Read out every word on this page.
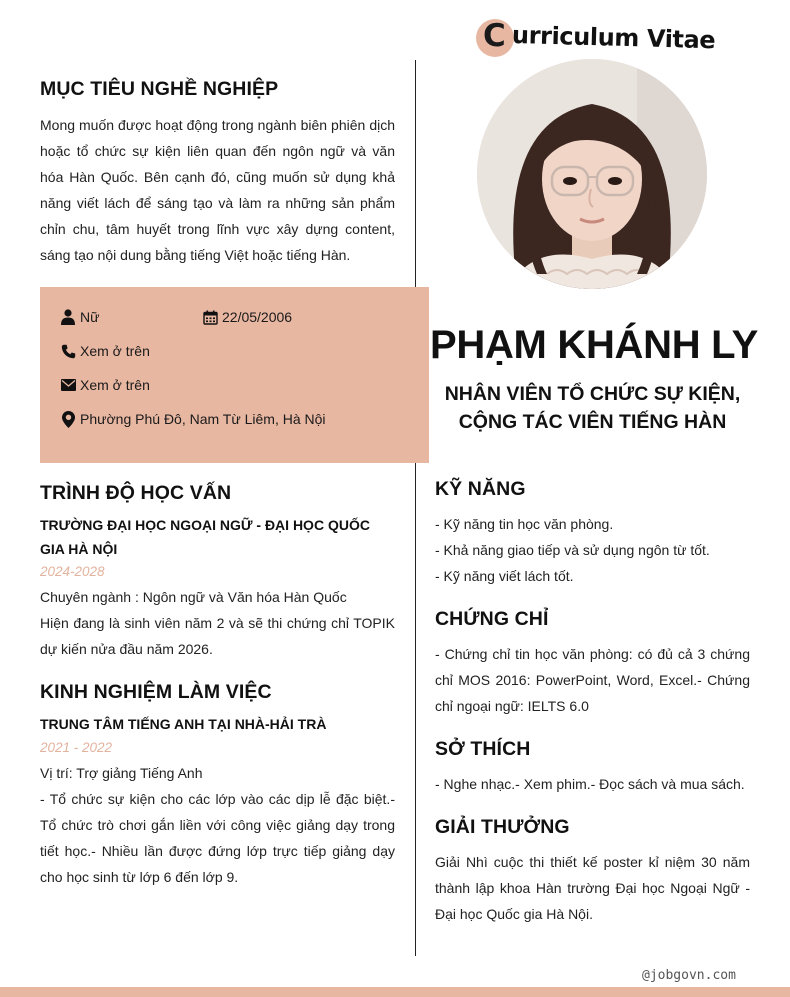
C urriculum Vitae
MỤC TIÊU NGHỀ NGHIỆP
Mong muốn được hoạt động trong ngành biên phiên dịch hoặc tổ chức sự kiện liên quan đến ngôn ngữ và văn hóa Hàn Quốc. Bên cạnh đó, cũng muốn sử dụng khả năng viết lách để sáng tạo và làm ra những sản phẩm chỉn chu, tâm huyết trong lĩnh vực xây dựng content, sáng tạo nội dung bằng tiếng Việt hoặc tiếng Hàn.
Nữ	22/05/2006
Xem ở trên
Xem ở trên
Phường Phú Đô, Nam Từ Liêm, Hà Nội
PHẠM KHÁNH LY
NHÂN VIÊN TỔ CHỨC SỰ KIỆN,
CỘNG TÁC VIÊN TIẾNG HÀN
TRÌNH ĐỘ HỌC VẤN
TRƯỜNG ĐẠI HỌC NGOẠI NGỮ - ĐẠI HỌC QUỐC GIA HÀ NỘI
2024-2028
Chuyên ngành : Ngôn ngữ và Văn hóa Hàn Quốc
Hiện đang là sinh viên năm 2 và sẽ thi chứng chỉ TOPIK dự kiến nửa đầu năm 2026.
KINH NGHIỆM LÀM VIỆC
TRUNG TÂM TIẾNG ANH TẠI NHÀ-HẢI TRÀ
2021 - 2022
Vị trí: Trợ giảng Tiếng Anh
- Tổ chức sự kiện cho các lớp vào các dịp lễ đặc biệt.- Tổ chức trò chơi gắn liền với công việc giảng dạy trong tiết học.- Nhiều lần được đứng lớp trực tiếp giảng dạy cho học sinh từ lớp 6 đến lớp 9.
KỸ NĂNG
- Kỹ năng tin học văn phòng.
- Khả năng giao tiếp và sử dụng ngôn từ tốt.
- Kỹ năng viết lách tốt.
CHỨNG CHỈ
- Chứng chỉ tin học văn phòng: có đủ cả 3 chứng chỉ MOS 2016: PowerPoint, Word, Excel.- Chứng chỉ ngoại ngữ: IELTS 6.0
SỞ THÍCH
- Nghe nhạc.- Xem phim.- Đọc sách và mua sách.
GIẢI THƯỞNG
Giải Nhì cuộc thi thiết kế poster kỉ niệm 30 năm thành lập khoa Hàn trường Đại học Ngoại Ngữ - Đại học Quốc gia Hà Nội.
@jobgovn.com
